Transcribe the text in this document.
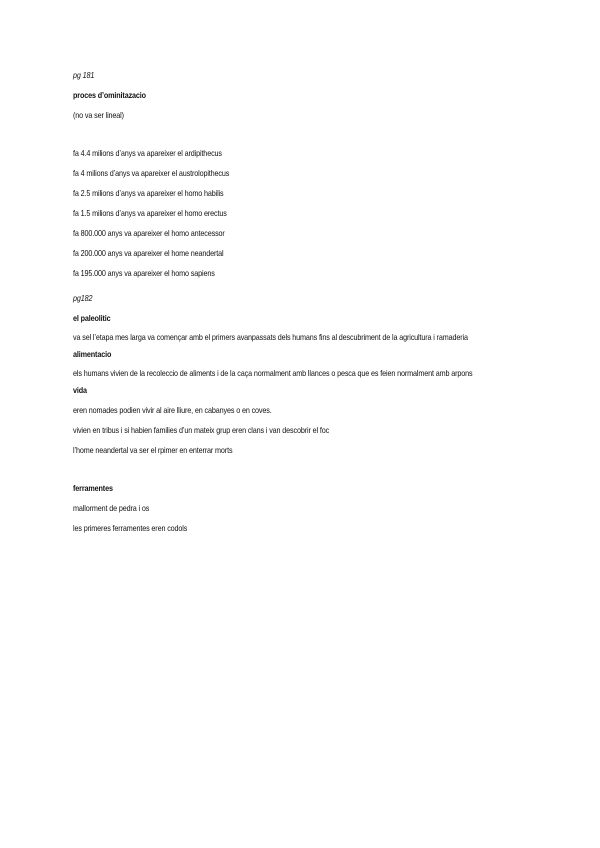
pg 181

proces d’ominitazacio

(no va ser lineal)

fa 4.4 milions d’anys va apareixer el ardipithecus

fa 4 milions d’anys va apareixer el austrolopithecus

fa 2.5 milions d’anys va apareixer el homo habilis

fa 1.5 milions d’anys va apareixer el homo erectus

fa 800.000 anys va apareixer el homo antecessor

fa 200.000 anys va apareixer el home neandertal

fa 195.000 anys va apareixer el homo sapiens

pg182

el paleolitic

va sel l’etapa mes larga va començar amb el primers avanpassats dels humans fins al descubriment de la agricultura i ramaderia

alimentacio

els humans vivien de la recoleccio de aliments i de la caça normalment amb llances o pesca que es feien normalment amb arpons

vida

eren nomades podien vivir al aire lliure, en cabanyes o en coves.

vivien en tribus i si habien families d’un mateix grup eren clans i van descobrir el foc

l’home neandertal va ser el rpimer en enterrar morts

ferramentes

mallorment de pedra i os

les primeres ferramentes eren codols
